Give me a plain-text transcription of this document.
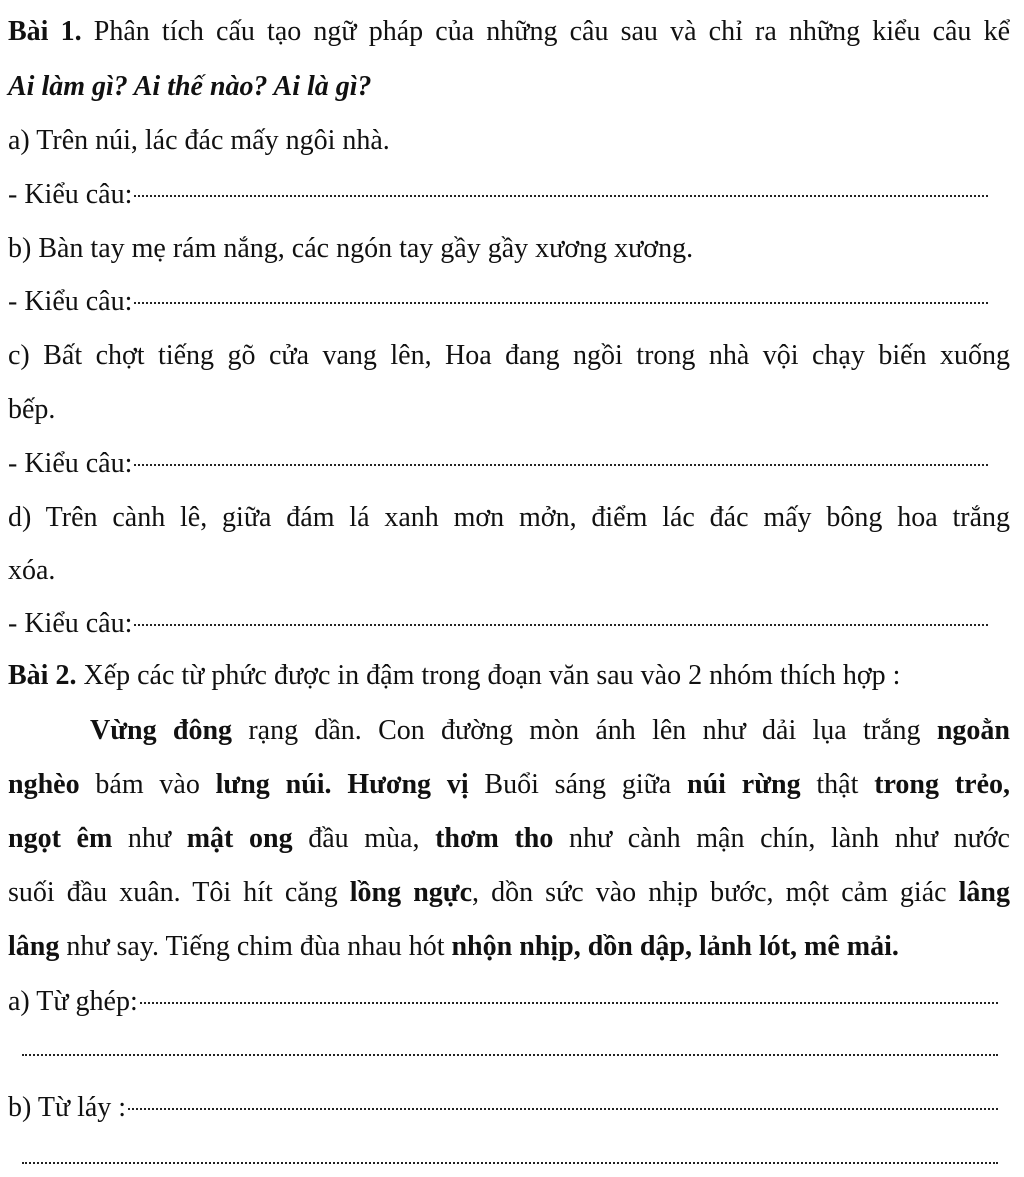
Bài 1. Phân tích cấu tạo ngữ pháp của những câu sau và chỉ ra những kiểu câu kể
Ai làm gì? Ai thế nào? Ai là gì?
a) Trên núi, lác đác mấy ngôi nhà.
- Kiểu câu:
b) Bàn tay mẹ rám nắng, các ngón tay gầy gầy xương xương.
- Kiểu câu:
c) Bất chợt tiếng gõ cửa vang lên, Hoa đang ngồi trong nhà vội chạy biến xuống
bếp.
- Kiểu câu:
d) Trên cành lê, giữa đám lá xanh mơn mởn, điểm lác đác mấy bông hoa trắng
xóa.
- Kiểu câu:
Bài 2. Xếp các từ phức được in đậm trong đoạn văn sau vào 2 nhóm thích hợp :
Vừng đông rạng dần. Con đường mòn ánh lên như dải lụa trắng ngoằn
nghèo bám vào lưng núi. Hương vị Buổi sáng giữa núi rừng thật trong trẻo,
ngọt êm như mật ong đầu mùa, thơm tho như cành mận chín, lành như nước
suối đầu xuân. Tôi hít căng lồng ngực, dồn sức vào nhịp bước, một cảm giác lâng
lâng như say. Tiếng chim đùa nhau hót nhộn nhịp, dồn dập, lảnh lót, mê mải.
a) Từ ghép:
b) Từ láy :
